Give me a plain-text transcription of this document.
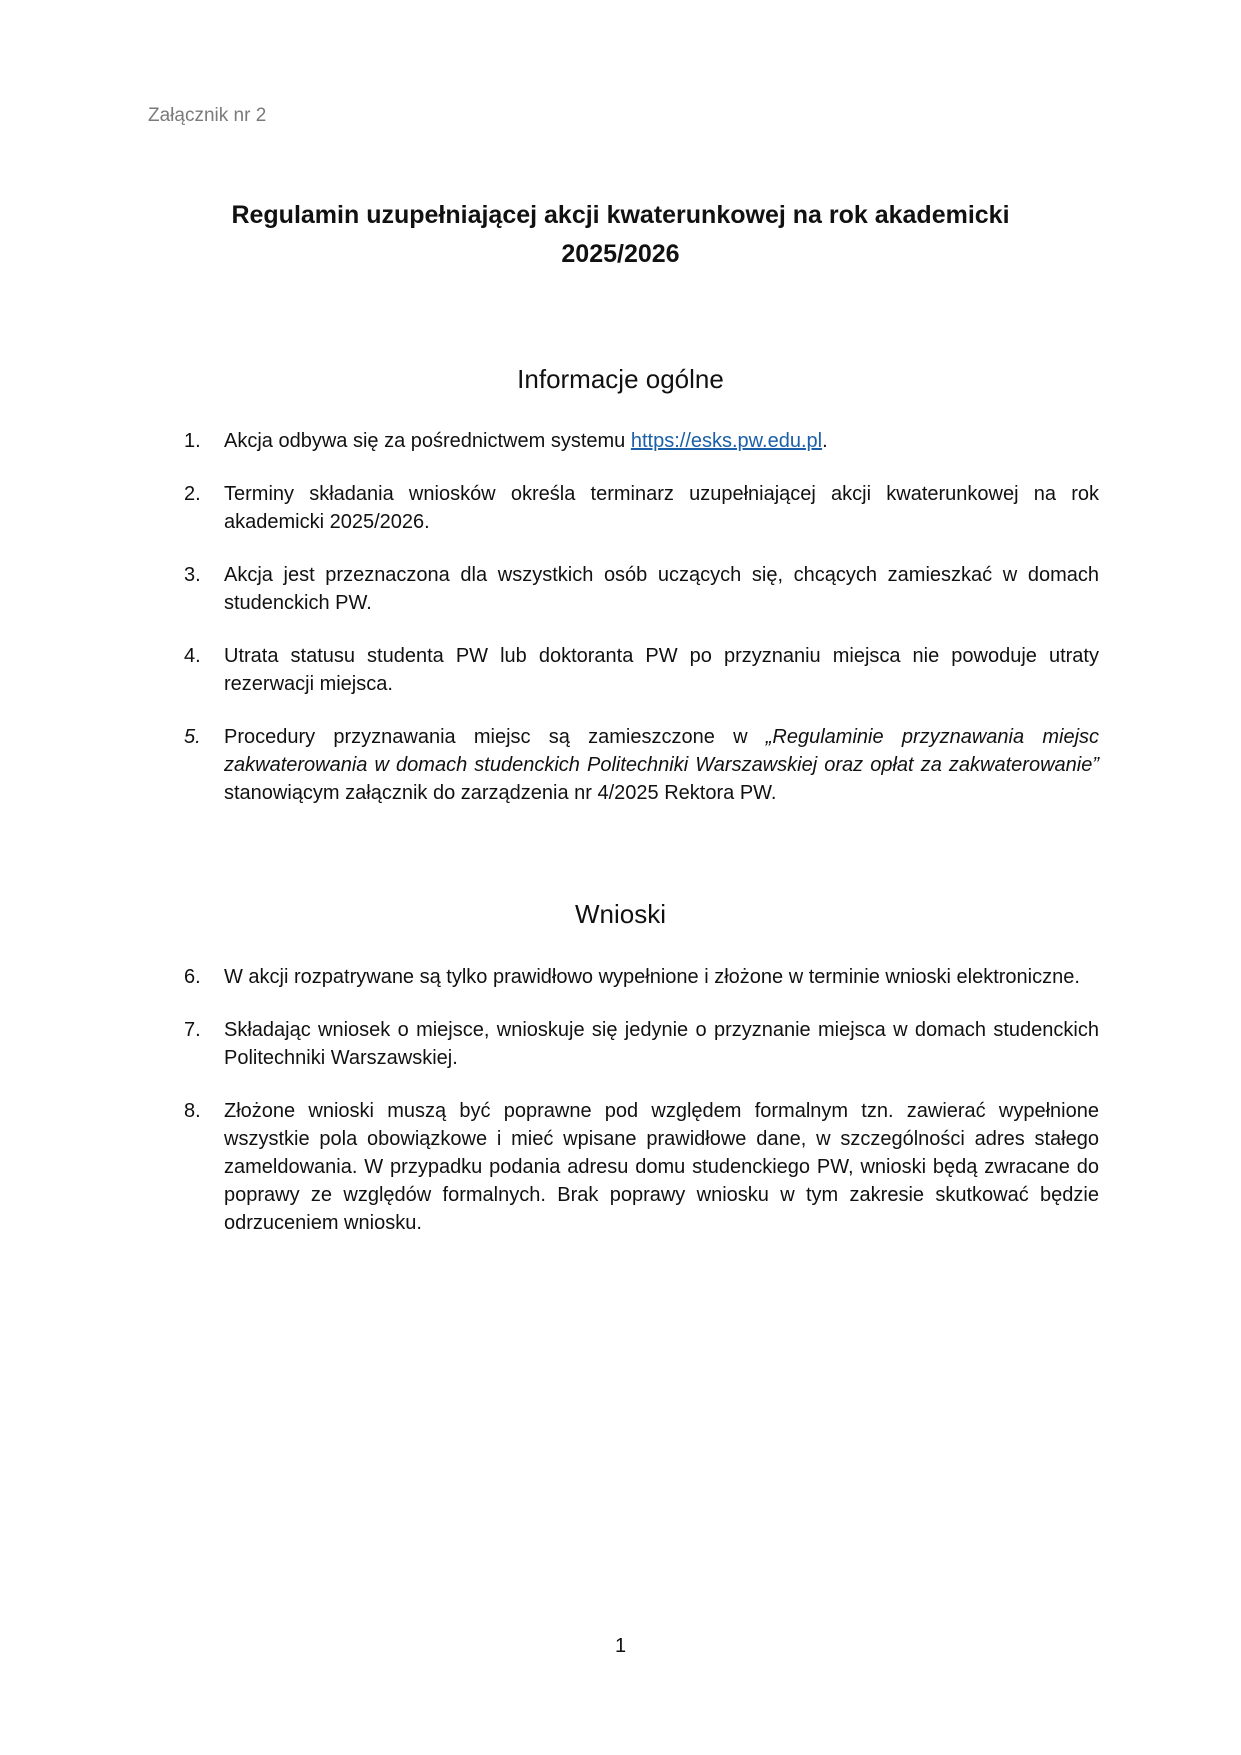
Załącznik nr 2
Regulamin uzupełniającej akcji kwaterunkowej na rok akademicki
2025/2026
Informacje ogólne
1. Akcja odbywa się za pośrednictwem systemu https://esks.pw.edu.pl.
2. Terminy składania wniosków określa terminarz uzupełniającej akcji kwaterunkowej na rok akademicki 2025/2026.
3. Akcja jest przeznaczona dla wszystkich osób uczących się, chcących zamieszkać w domach studenckich PW.
4. Utrata statusu studenta PW lub doktoranta PW po przyznaniu miejsca nie powoduje utraty rezerwacji miejsca.
5. Procedury przyznawania miejsc są zamieszczone w „Regulaminie przyznawania miejsc zakwaterowania w domach studenckich Politechniki Warszawskiej oraz opłat za zakwaterowanie” stanowiącym załącznik do zarządzenia nr 4/2025 Rektora PW.
Wnioski
6. W akcji rozpatrywane są tylko prawidłowo wypełnione i złożone w terminie wnioski elektroniczne.
7. Składając wniosek o miejsce, wnioskuje się jedynie o przyznanie miejsca w domach studenckich Politechniki Warszawskiej.
8. Złożone wnioski muszą być poprawne pod względem formalnym tzn. zawierać wypełnione wszystkie pola obowiązkowe i mieć wpisane prawidłowe dane, w szczególności adres stałego zameldowania. W przypadku podania adresu domu studenckiego PW, wnioski będą zwracane do poprawy ze względów formalnych. Brak poprawy wniosku w tym zakresie skutkować będzie odrzuceniem wniosku.
1
